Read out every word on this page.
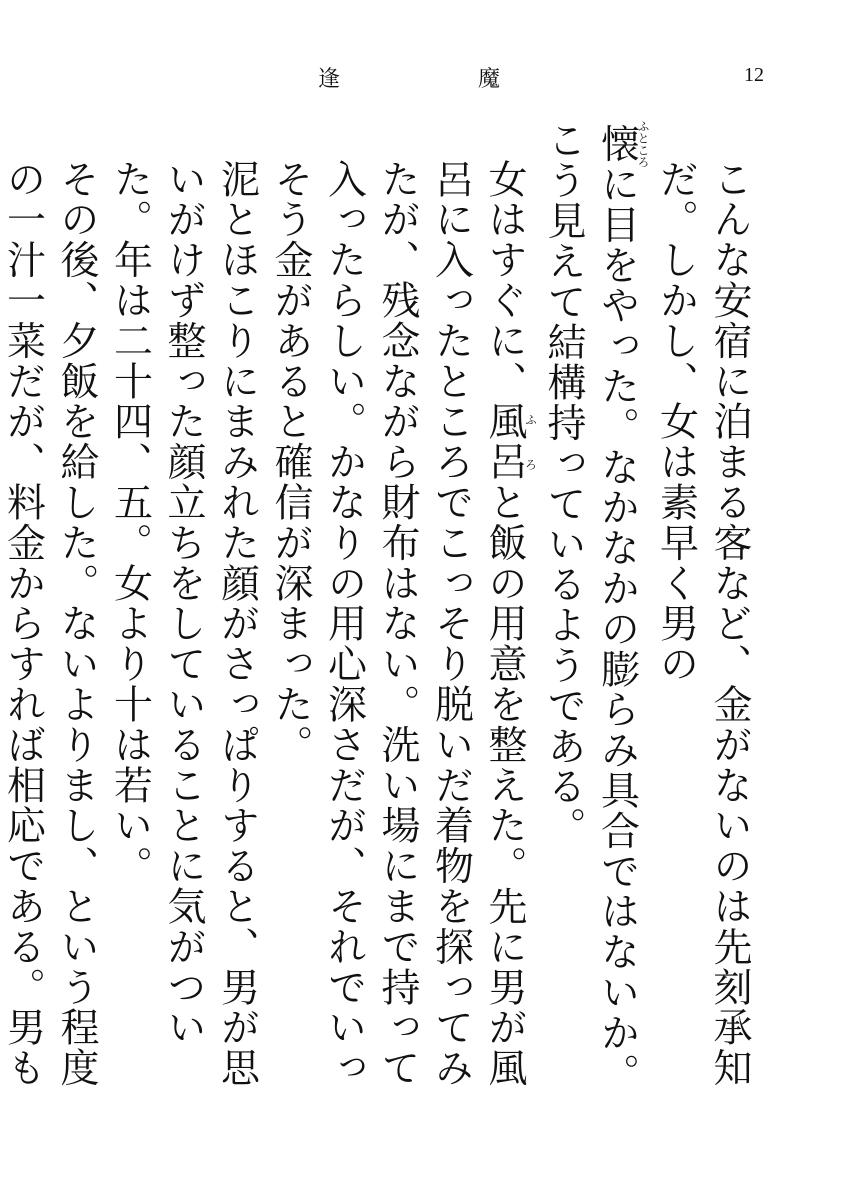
逢	魔	12
こんな安宿に泊まる客など、金がないのは先刻承知だ。しかし、女は素早く男の
懐ふところに目をやった。なかなかの膨らみ具合ではないか。こう見えて結構持っているようである。
女はすぐに、風呂ふろと飯の用意を整えた。先に男が風呂に入ったところでこっそり脱いだ着物を探ってみたが、残念ながら財布はない。洗い場にまで持って入ったらしい。かなりの用心深さだが、それでいっそう金があると確信が深まった。
泥とほこりにまみれた顔がさっぱりすると、男が思いがけず整った顔立ちをしていることに気がついた。年は二十四、五。女より十は若い。
その後、夕飯を給した。ないよりまし、という程度の一汁一菜だが、料金からすれば相応である。男も
